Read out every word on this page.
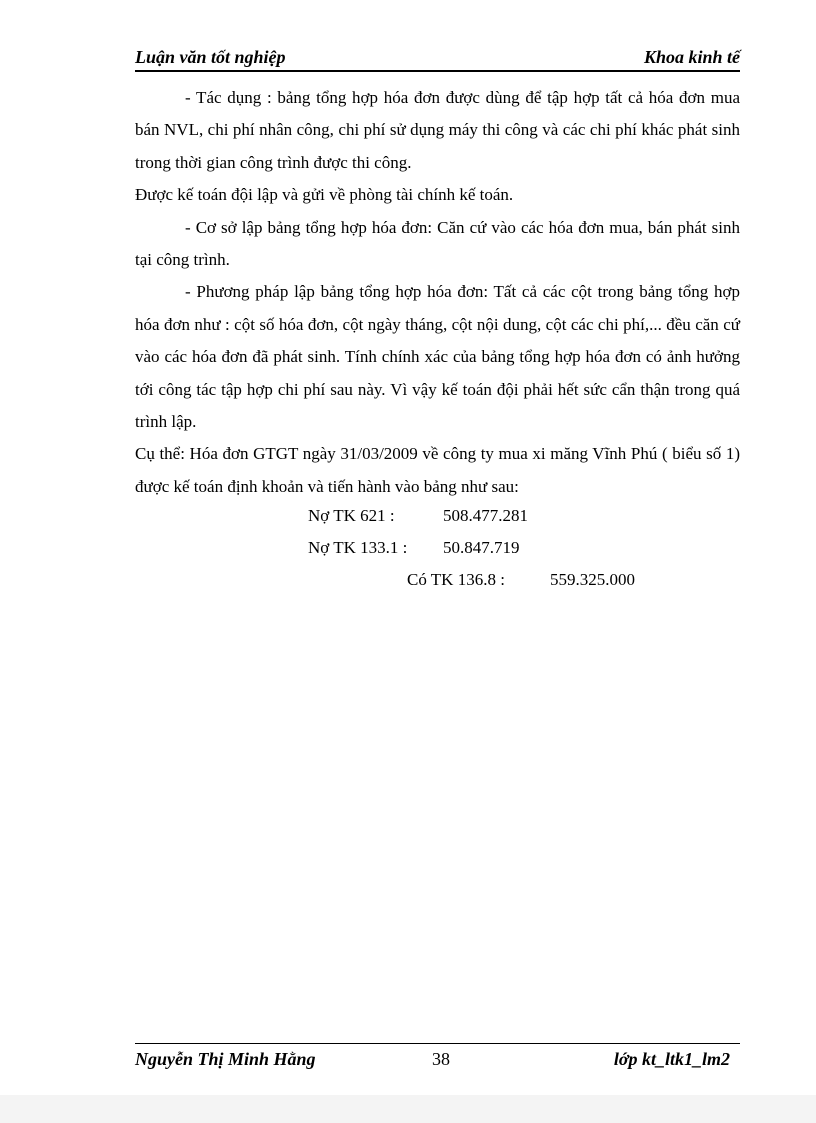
Luận văn tốt nghiệp	Khoa kinh tế

- Tác dụng : bảng tổng hợp hóa đơn được dùng để tập hợp tất cả hóa đơn mua bán NVL, chi phí nhân công, chi phí sử dụng máy thi công và các chi phí khác phát sinh trong thời gian công trình được thi công.

Được kế toán đội lập và gửi về phòng tài chính kế toán.

- Cơ sở lập bảng tổng hợp hóa đơn: Căn cứ vào các hóa đơn mua, bán phát sinh tại công trình.

- Phương pháp lập bảng tổng hợp hóa đơn: Tất cả các cột trong bảng tổng hợp hóa đơn như : cột số hóa đơn, cột ngày tháng, cột nội dung, cột các chi phí,... đều căn cứ vào các hóa đơn đã phát sinh. Tính chính xác của bảng tổng hợp hóa đơn có ảnh hưởng tới công tác tập hợp chi phí sau này. Vì vậy kế toán đội phải hết sức cẩn thận trong quá trình lập.

Cụ thể: Hóa đơn GTGT ngày 31/03/2009 về công ty mua xi măng Vĩnh Phú ( biểu số 1) được kế toán định khoản và tiến hành vào bảng như sau:

Nợ TK 621 :	508.477.281
Nợ TK 133.1 : 50.847.719
Có TK 136.8 :	559.325.000
Nguyễn Thị Minh Hằng	38	lớp kt_ltk1_lm2
